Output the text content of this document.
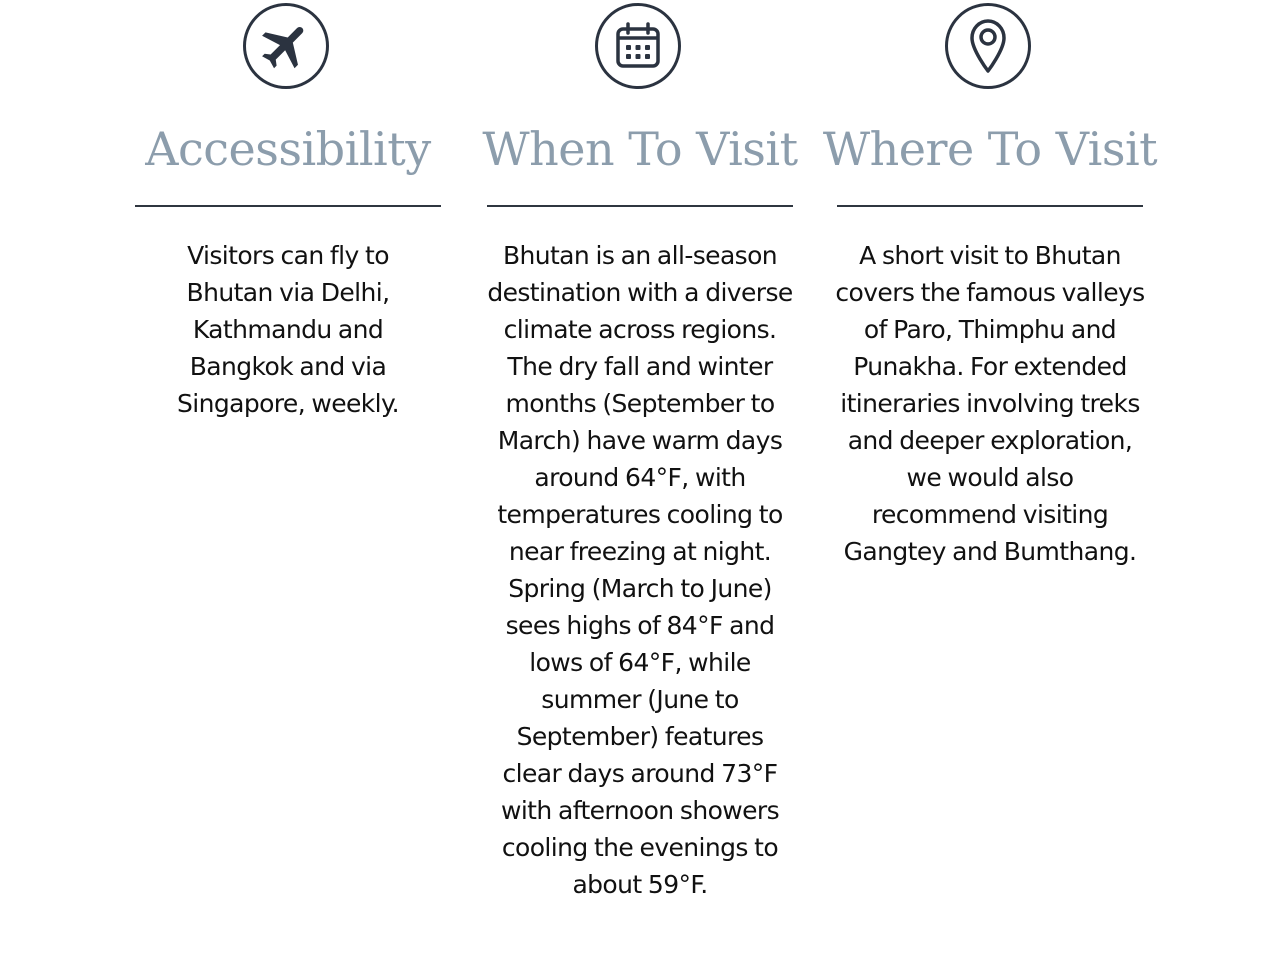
Accessibility

Visitors can fly to Bhutan via Delhi, Kathmandu and Bangkok and via Singapore, weekly.

When To Visit

Bhutan is an all-season destination with a diverse climate across regions. The dry fall and winter months (September to March) have warm days around 64°F, with temperatures cooling to near freezing at night. Spring (March to June) sees highs of 84°F and lows of 64°F, while summer (June to September) features clear days around 73°F with afternoon showers cooling the evenings to about 59°F.

Where To Visit

A short visit to Bhutan covers the famous valleys of Paro, Thimphu and Punakha. For extended itineraries involving treks and deeper exploration, we would also recommend visiting Gangtey and Bumthang.
